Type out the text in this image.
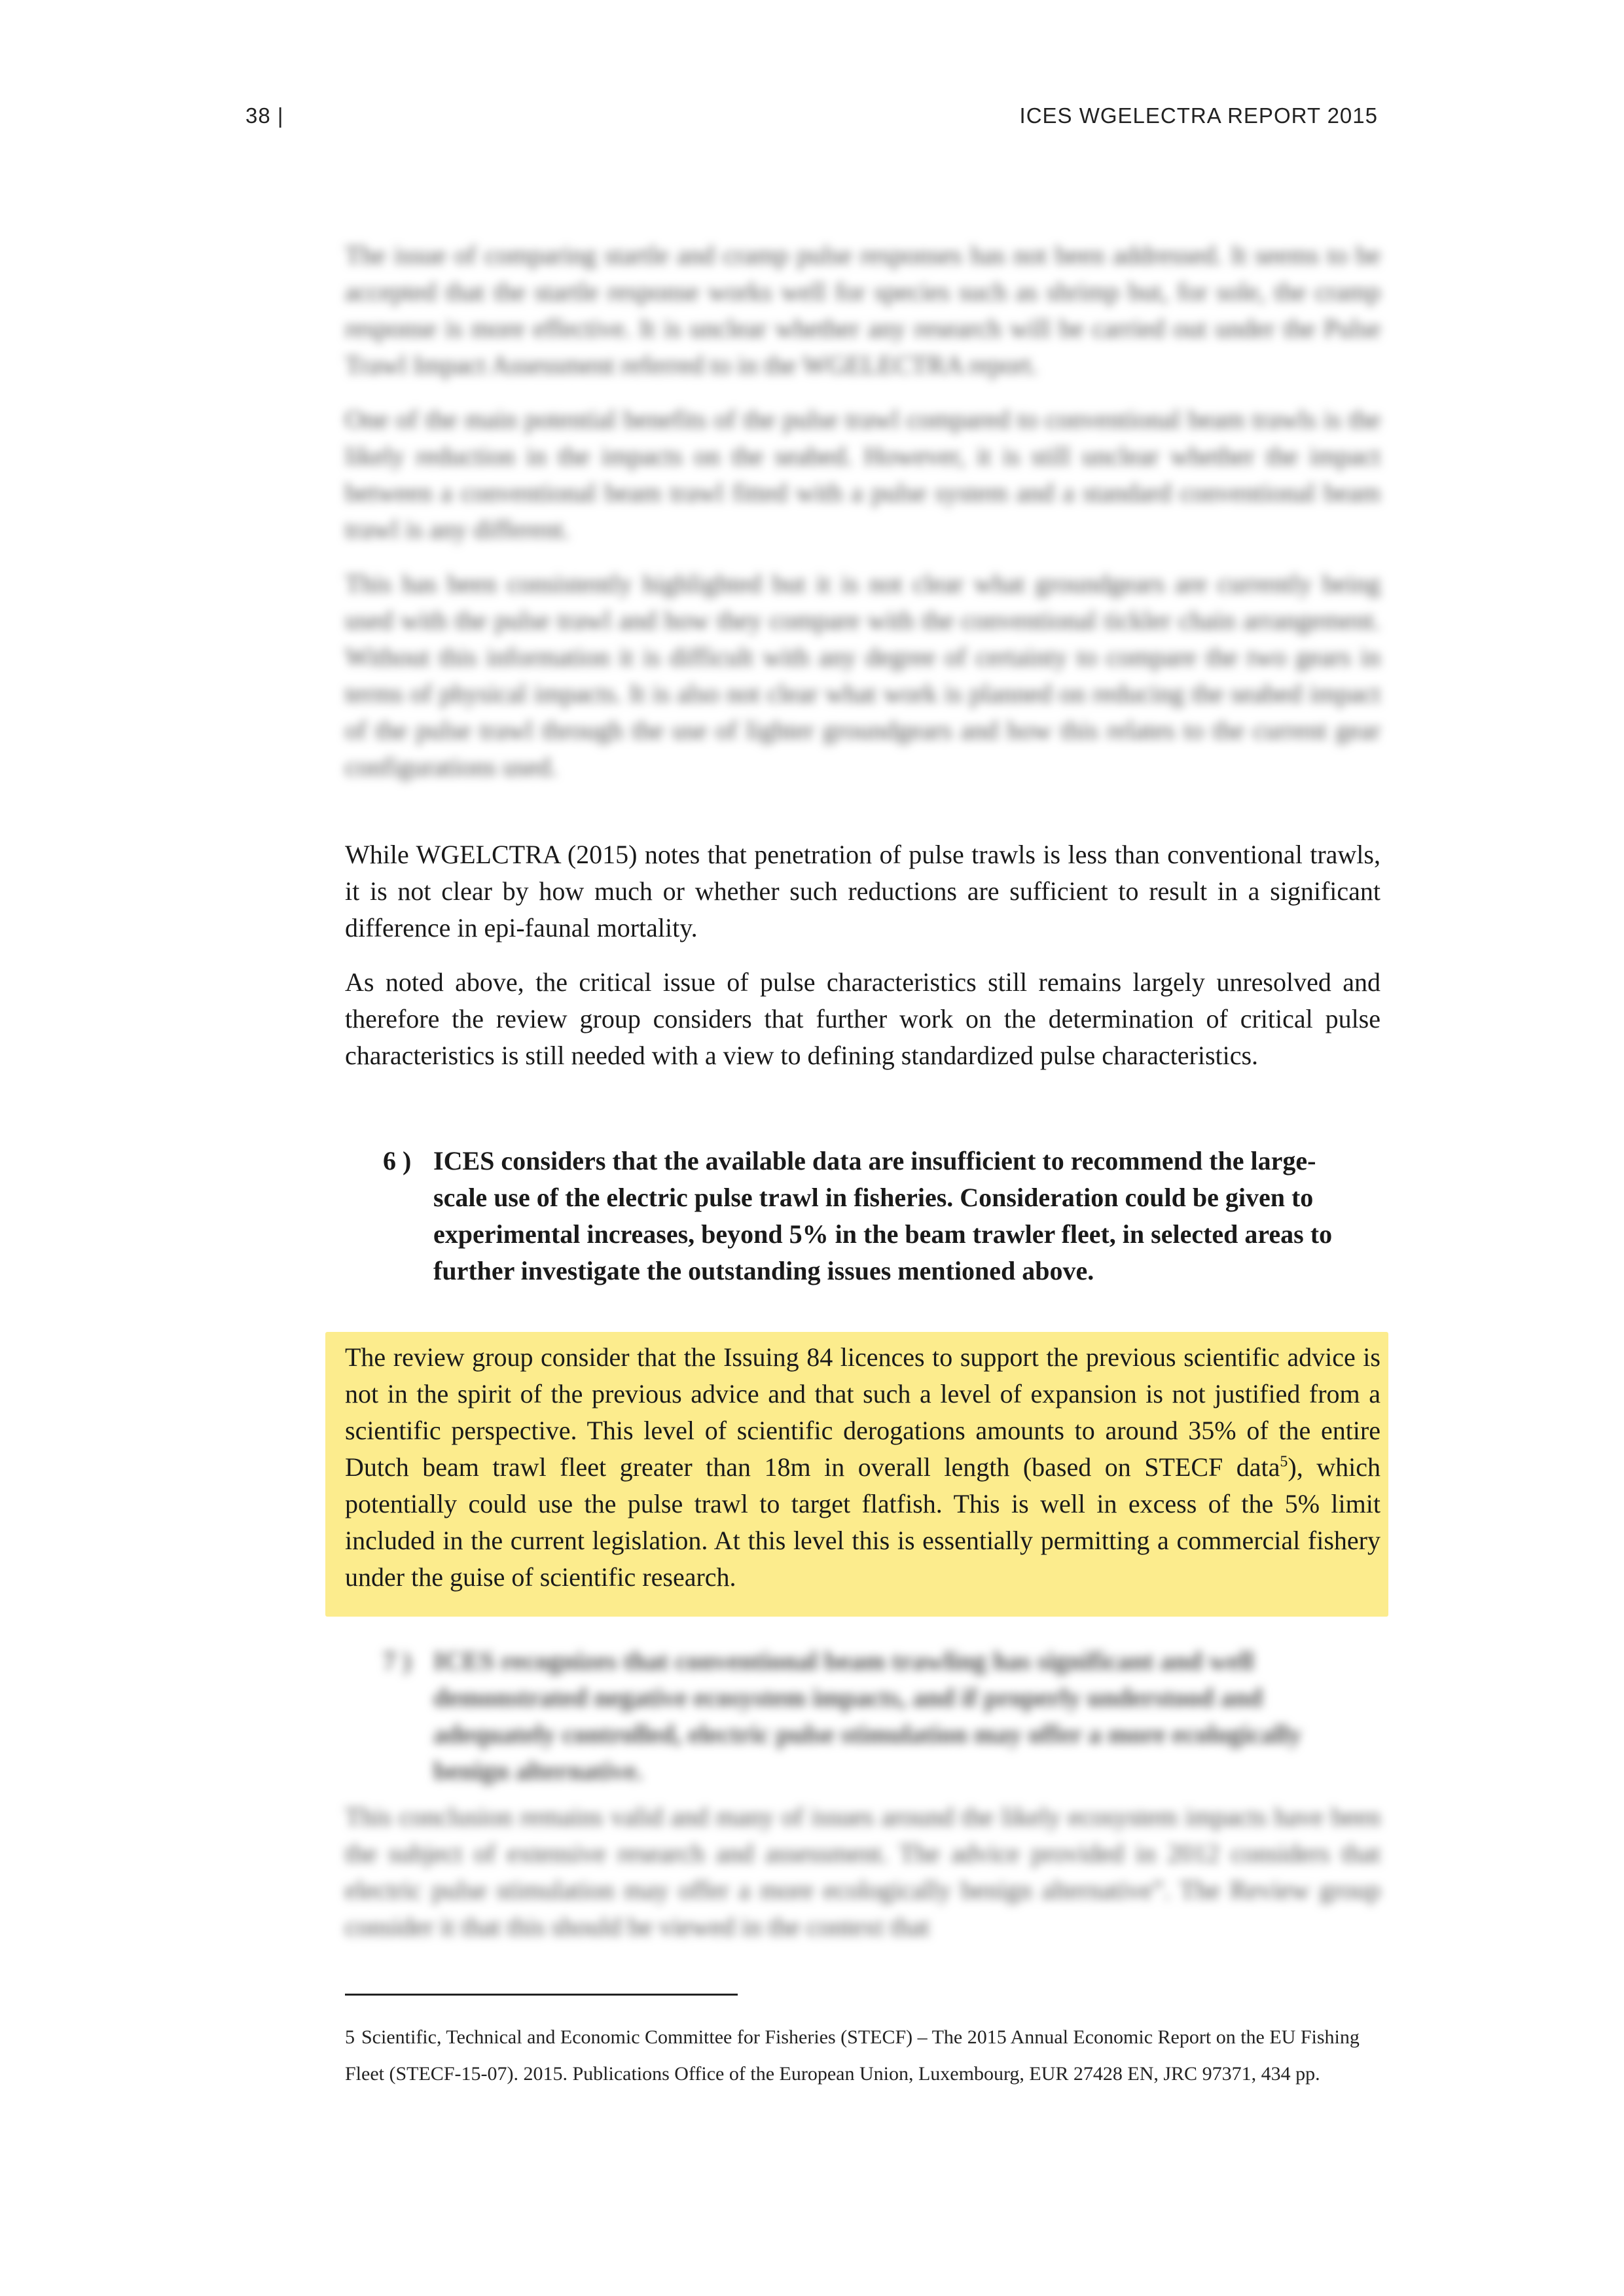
38 |	ICES WGELECTRA REPORT 2015

The issue of comparing startle and cramp pulse responses has not been addressed. It seems to be accepted that the startle response works well for species such as shrimp but, for sole, the cramp response is more effective. It is unclear whether any research will be carried out under the Pulse Trawl Impact Assessment referred to in the WGELECTRA report.

One of the main potential benefits of the pulse trawl compared to conventional beam trawls is the likely reduction in the impacts on the seabed. However, it is still unclear whether the impact between a conventional beam trawl fitted with a pulse system and a standard conventional beam trawl is any different.

This has been consistently highlighted but it is not clear what groundgears are currently being used with the pulse trawl and how they compare with the conventional tickler chain arrangement. Without this information it is difficult with any degree of certainty to compare the two gears in terms of physical impacts. It is also not clear what work is planned on reducing the seabed impact of the pulse trawl through the use of lighter groundgears and how this relates to the current gear configurations used.

While WGELCTRA (2015) notes that penetration of pulse trawls is less than conventional trawls, it is not clear by how much or whether such reductions are sufficient to result in a significant difference in epi-faunal mortality.

As noted above, the critical issue of pulse characteristics still remains largely unresolved and therefore the review group considers that further work on the determination of critical pulse characteristics is still needed with a view to defining standardized pulse characteristics.

6 ) ICES considers that the available data are insufficient to recommend the large-scale use of the electric pulse trawl in fisheries. Consideration could be given to experimental increases, beyond 5% in the beam trawler fleet, in selected areas to further investigate the outstanding issues mentioned above.

The review group consider that the Issuing 84 licences to support the previous scientific advice is not in the spirit of the previous advice and that such a level of expansion is not justified from a scientific perspective. This level of scientific derogations amounts to around 35% of the entire Dutch beam trawl fleet greater than 18m in overall length (based on STECF data$^5$), which potentially could use the pulse trawl to target flatfish. This is well in excess of the 5% limit included in the current legislation. At this level this is essentially permitting a commercial fishery under the guise of scientific research.

7 ) ICES recognizes that conventional beam trawling has significant and well demonstrated negative ecosystem impacts, and if properly understood and adequately controlled, electric pulse stimulation may offer a more ecologically benign alternative.

This conclusion remains valid and many of issues around the likely ecosystem impacts have been the subject of extensive research and assessment. The advice provided in 2012 considers that electric pulse stimulation may offer a more ecologically benign alternative”. The Review group consider it that this should be viewed in the context that

5 Scientific, Technical and Economic Committee for Fisheries (STECF) – The 2015 Annual Economic Report on the EU Fishing Fleet (STECF-15-07). 2015. Publications Office of the European Union, Luxembourg, EUR 27428 EN, JRC 97371, 434 pp.
